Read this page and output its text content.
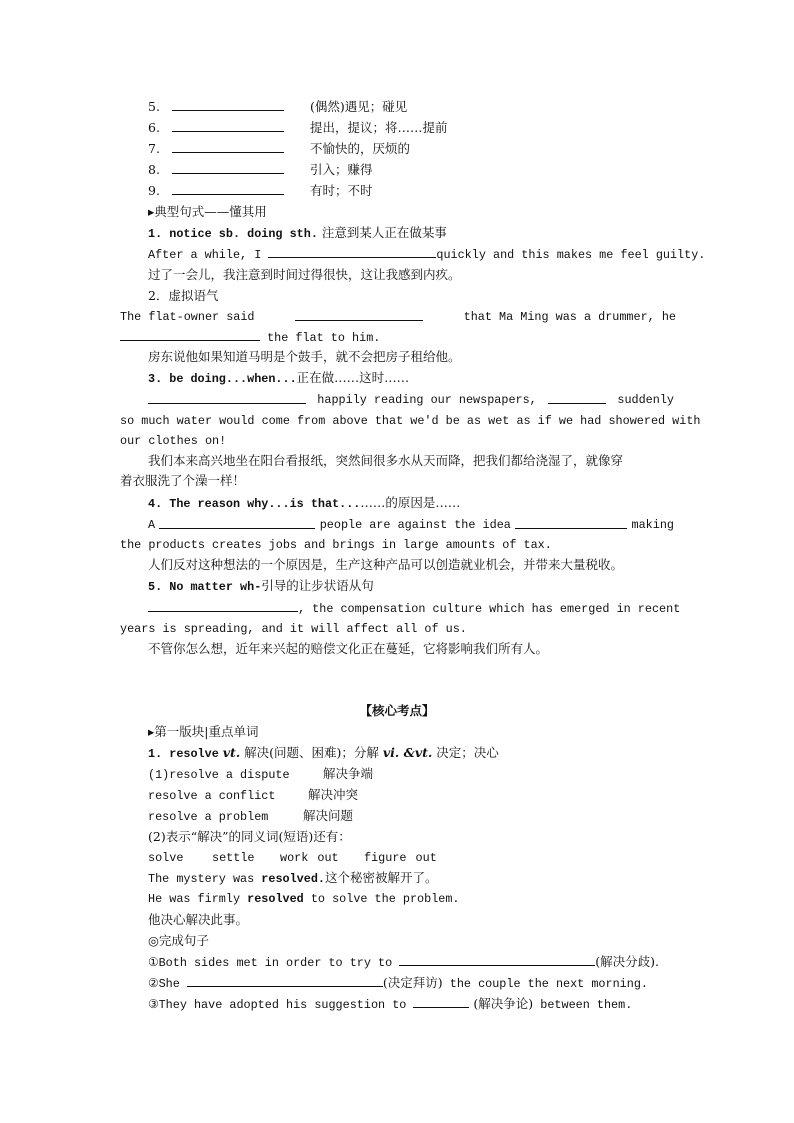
5.	(偶然)遇见；碰见
6.	提出，提议；将……提前
7.	不愉快的，厌烦的
8.	引入；赚得
9.	有时；不时
▸典型句式——懂其用
1. notice sb. doing sth. 注意到某人正在做某事
After a while, I	quickly and this makes me feel guilty.
过了一会儿，我注意到时间过得很快，这让我感到内疚。
2．虚拟语气
The flat-owner said	that Ma Ming was a drummer, he
the flat to him.
房东说他如果知道马明是个鼓手，就不会把房子租给他。
3. be doing...when...正在做……这时……
happily reading our newspapers,	suddenly
so much water would come from above that we'd be as wet as if we had showered with
our clothes on!
我们本来高兴地坐在阳台看报纸，突然间很多水从天而降，把我们都给浇湿了，就像穿
着衣服洗了个澡一样！
4. The reason why...is that...……的原因是……
A	people are against the idea	making
the products creates jobs and brings in large amounts of tax.
人们反对这种想法的一个原因是，生产这种产品可以创造就业机会，并带来大量税收。
5. No matter wh-引导的让步状语从句
, the compensation culture which has emerged in recent
years is spreading, and it will affect all of us.
不管你怎么想，近年来兴起的赔偿文化正在蔓延，它将影响我们所有人。
【核心考点】
▸第一版块|重点单词
1. resolve vt. 解决(问题、困难)；分解 vi. &vt. 决定；决心
(1)resolve a dispute	解决争端
resolve a conflict	解决冲突
resolve a problem	解决问题
(2)表示“解决”的同义词(短语)还有：
solve settle work out figure out
The mystery was resolved.这个秘密被解开了。
He was firmly resolved to solve the problem.
他决心解决此事。
◎完成句子
①Both sides met in order to try to	(解决分歧).
②She	(决定拜访) the couple the next morning.
③They have adopted his suggestion to	(解决争论) between them.
